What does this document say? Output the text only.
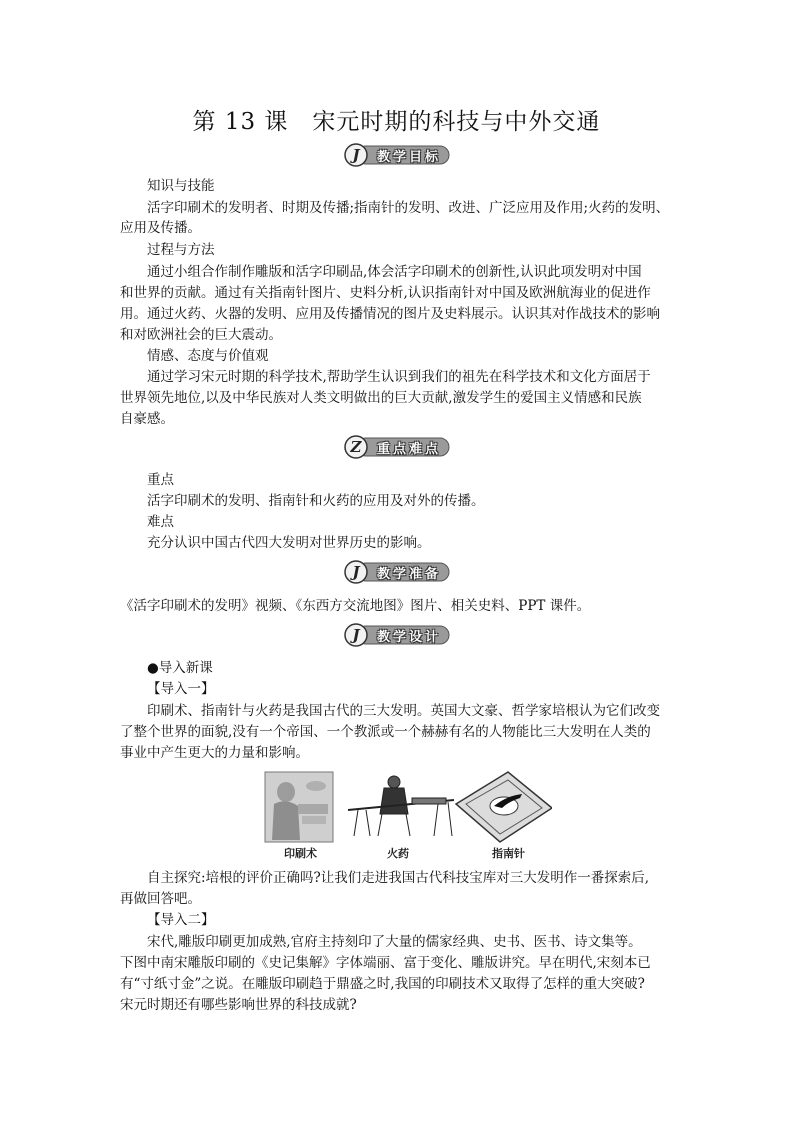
第 13 课　宋元时期的科技与中外交通
J	教学目标
知识与技能
活字印刷术的发明者、时期及传播;指南针的发明、改进、广泛应用及作用;火药的发明、
应用及传播。
过程与方法
通过小组合作制作雕版和活字印刷品,体会活字印刷术的创新性,认识此项发明对中国
和世界的贡献。通过有关指南针图片、史料分析,认识指南针对中国及欧洲航海业的促进作
用。通过火药、火器的发明、应用及传播情况的图片及史料展示。认识其对作战技术的影响
和对欧洲社会的巨大震动。
情感、态度与价值观
通过学习宋元时期的科学技术,帮助学生认识到我们的祖先在科学技术和文化方面居于
世界领先地位,以及中华民族对人类文明做出的巨大贡献,激发学生的爱国主义情感和民族
自豪感。
Z	重点难点
重点
活字印刷术的发明、指南针和火药的应用及对外的传播。
难点
充分认识中国古代四大发明对世界历史的影响。
J	教学准备
《活字印刷术的发明》视频、《东西方交流地图》图片、相关史料、PPT 课件。
J	教学设计
●导入新课
【导入一】
印刷术、指南针与火药是我国古代的三大发明。英国大文豪、哲学家培根认为它们改变
了整个世界的面貌,没有一个帝国、一个教派或一个赫赫有名的人物能比三大发明在人类的
事业中产生更大的力量和影响。
印刷术	火药	指南针
自主探究:培根的评价正确吗?让我们走进我国古代科技宝库对三大发明作一番探索后,
再做回答吧。
【导入二】
宋代,雕版印刷更加成熟,官府主持刻印了大量的儒家经典、史书、医书、诗文集等。
下图中南宋雕版印刷的《史记集解》字体端丽、富于变化、雕版讲究。早在明代,宋刻本已
有“寸纸寸金”之说。在雕版印刷趋于鼎盛之时,我国的印刷技术又取得了怎样的重大突破?
宋元时期还有哪些影响世界的科技成就?
